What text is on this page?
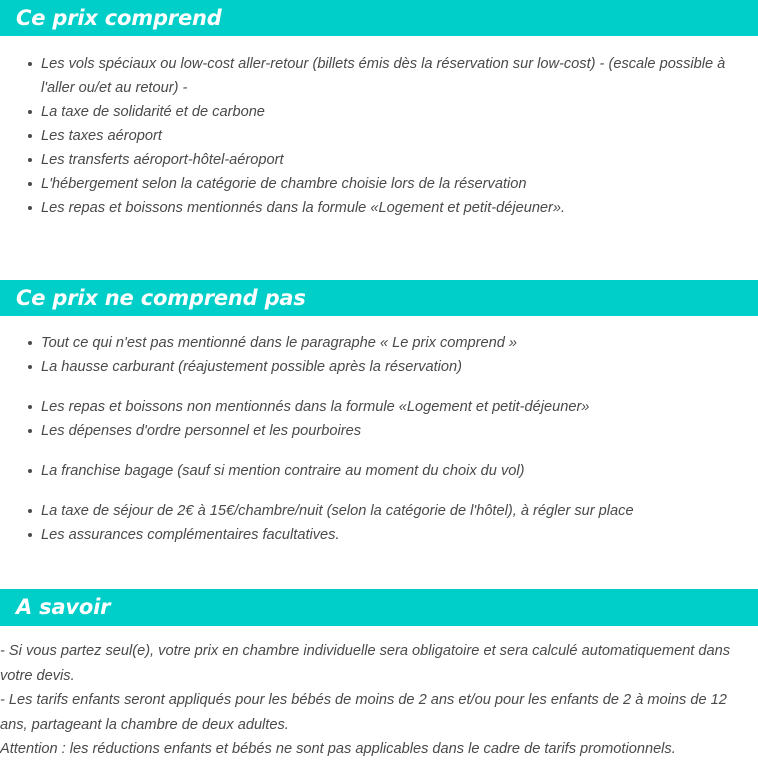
Ce prix comprend
Les vols spéciaux ou low-cost aller-retour (billets émis dès la réservation sur low-cost) - (escale possible à l'aller ou/et au retour) -
La taxe de solidarité et de carbone
Les taxes aéroport
Les transferts aéroport-hôtel-aéroport
L'hébergement selon la catégorie de chambre choisie lors de la réservation
Les repas et boissons mentionnés dans la formule «Logement et petit-déjeuner».
Ce prix ne comprend pas
Tout ce qui n'est pas mentionné dans le paragraphe « Le prix comprend »
La hausse carburant (réajustement possible après la réservation)
Les repas et boissons non mentionnés dans la formule «Logement et petit-déjeuner»
Les dépenses d'ordre personnel et les pourboires
La franchise bagage (sauf si mention contraire au moment du choix du vol)
La taxe de séjour de 2€ à 15€/chambre/nuit (selon la catégorie de l'hôtel), à régler sur place
Les assurances complémentaires facultatives.
A savoir

- Si vous partez seul(e), votre prix en chambre individuelle sera obligatoire et sera calculé automatiquement dans votre devis.

- Les tarifs enfants seront appliqués pour les bébés de moins de 2 ans et/ou pour les enfants de 2 à moins de 12 ans, partageant la chambre de deux adultes.

Attention : les réductions enfants et bébés ne sont pas applicables dans le cadre de tarifs promotionnels.
